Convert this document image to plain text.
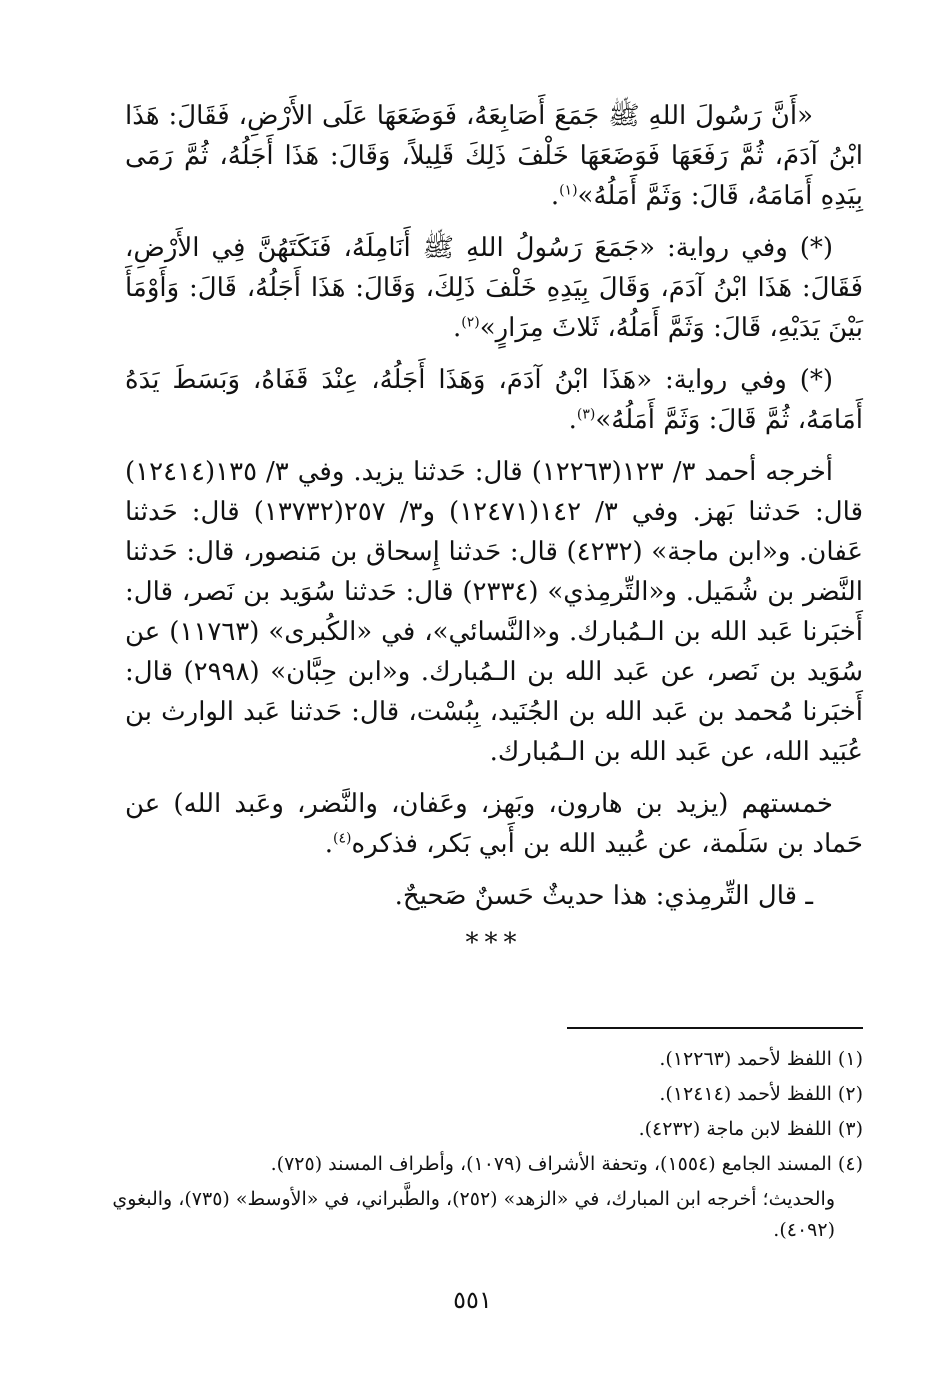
«أَنَّ رَسُولَ اللهِ ﷺ جَمَعَ أَصَابِعَهُ، فَوَضَعَهَا عَلَى الأَرْضِ، فَقَالَ: هَذَا ابْنُ آدَمَ، ثُمَّ رَفَعَهَا فَوَضَعَهَا خَلْفَ ذَلِكَ قَلِيلاً، وَقَالَ: هَذَا أَجَلُهُ، ثُمَّ رَمَى بِيَدِهِ أَمَامَهُ، قَالَ: وَثَمَّ أَمَلُهُ»$^{(١)}$.

(*) وفي رواية: «جَمَعَ رَسُولُ اللهِ ﷺ أَنَامِلَهُ، فَنَكَتَهُنَّ فِي الأَرْضِ، فَقَالَ: هَذَا ابْنُ آدَمَ، وَقَالَ بِيَدِهِ خَلْفَ ذَلِكَ، وَقَالَ: هَذَا أَجَلُهُ، قَالَ: وَأَوْمَأَ بَيْنَ يَدَيْهِ، قَالَ: وَثَمَّ أَمَلُهُ، ثَلاثَ مِرَارٍ»$^{(٢)}$.

(*) وفي رواية: «هَذَا ابْنُ آدَمَ، وَهَذَا أَجَلُهُ، عِنْدَ قَفَاهُ، وَبَسَطَ يَدَهُ أَمَامَهُ، ثُمَّ قَالَ: وَثَمَّ أَمَلُهُ»$^{(٣)}$.

أخرجه أحمد ٣/ ١٢٣(١٢٢٦٣) قال: حَدثنا يزيد. وفي ٣/ ١٣٥(١٢٤١٤) قال: حَدثنا بَهز. وفي ٣/ ١٤٢(١٢٤٧١) و٣/ ٢٥٧(١٣٧٣٢) قال: حَدثنا عَفان. و«ابن ماجة» (٤٢٣٢) قال: حَدثنا إِسحاق بن مَنصور، قال: حَدثنا النَّضر بن شُمَيل. و«التِّرمِذي» (٢٣٣٤) قال: حَدثنا سُوَيد بن نَصر، قال: أَخبَرنا عَبد الله بن الـمُبارك. و«النَّسائي»، في «الكُبرى» (١١٧٦٣) عن سُوَيد بن نَصر، عن عَبد الله بن الـمُبارك. و«ابن حِبَّان» (٢٩٩٨) قال: أَخبَرنا مُحمد بن عَبد الله بن الجُنَيد، بِبُسْت، قال: حَدثنا عَبد الوارث بن عُبَيد الله، عن عَبد الله بن الـمُبارك.

خمستهم (يزيد بن هارون، وبَهز، وعَفان، والنَّضر، وعَبد الله) عن حَماد بن سَلَمة، عن عُبيد الله بن أَبي بَكر، فذكره$^{(٤)}$.

ـ قال التِّرمِذي: هذا حديثٌ حَسنٌ صَحيحٌ.

***
(١) اللفظ لأحمد (١٢٢٦٣).
(٢) اللفظ لأحمد (١٢٤١٤).
(٣) اللفظ لابن ماجة (٤٢٣٢).
(٤) المسند الجامع (١٥٥٤)، وتحفة الأشراف (١٠٧٩)، وأطراف المسند (٧٢٥).
والحديث؛ أخرجه ابن المبارك، في «الزهد» (٢٥٢)، والطَّبراني، في «الأوسط» (٧٣٥)، والبغوي (٤٠٩٢).
٥٥١
